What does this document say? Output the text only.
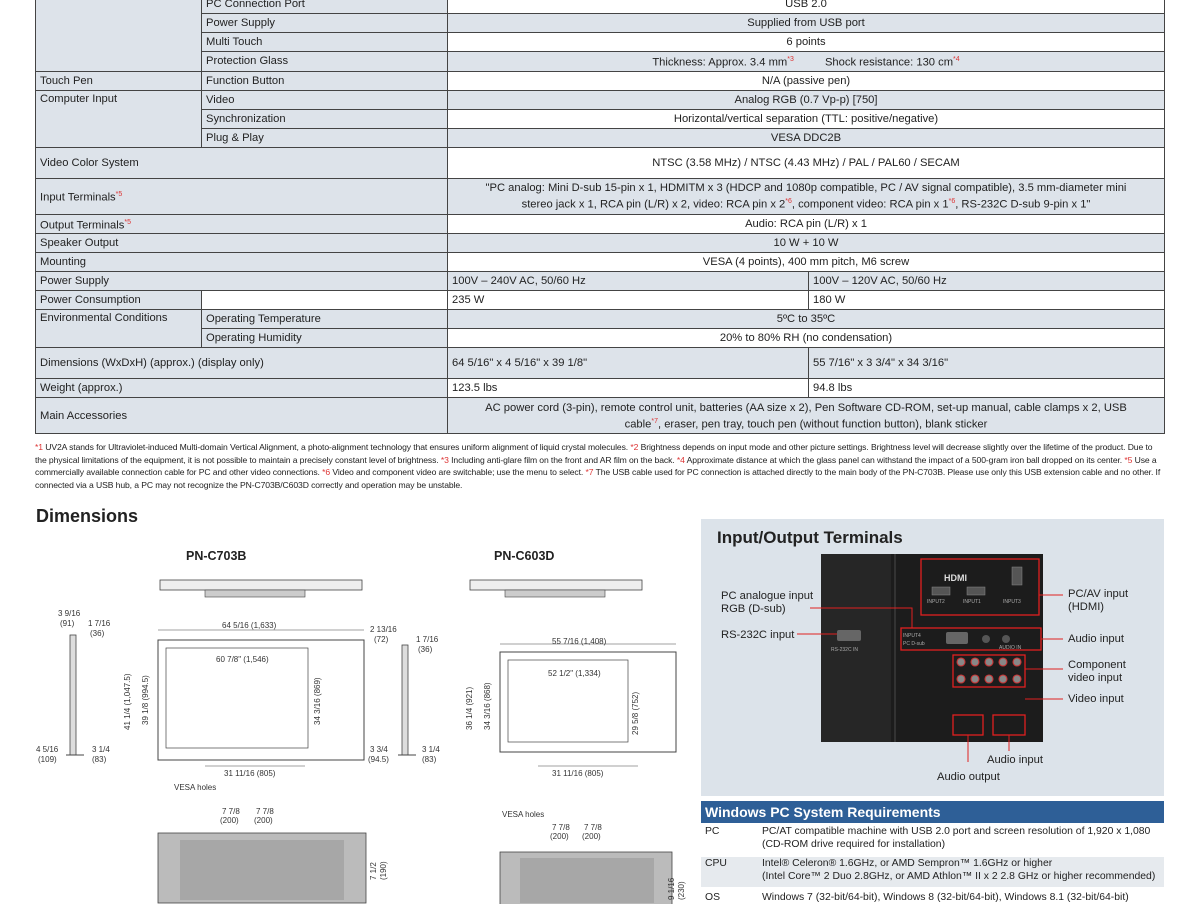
	PC Connection Port	USB 2.0	
	Power Supply	Supplied from USB port	
	Multi Touch	6 points	
	Protection Glass	Thickness: Approx. 3.4 $mm^{*3}$ Shock resistance: 130 $cm^{*4}$
Touch Pen	Function Button	N/A (passive pen)	
Computer Input	Video	Analog RGB (0.7 Vp-p) [750]	
	Synchronization	Horizontal/vertical separation (TTL: positive/negative)	
	Plug & Play	VESA DDC2B	
Video Color System		NTSC (3.58 MHz) / NTSC (4.43 MHz) / PAL / PAL60 / SECAM	
Input Terminals$^{*5}$		"PC analog: Mini D-sub 15-pin x 1, HDMITM x 3 (HDCP and 1080p compatible, PC / AV signal compatible), 3.5 mm-diameter mini
stereo jack x 1, RCA pin (L/R) x 2, video: RCA pin x 2$^{*6}$, component video: RCA pin x 1$^{*6}$, RS-232C D-sub 9-pin x 1"	
Output Terminals$^{*5}$		Audio: RCA pin (L/R) x 1	
Speaker Output		10 W + 10 W	
Mounting		VESA (4 points), 400 mm pitch, M6 screw	
Power Supply		100V – 240V AC, 50/60 Hz	100V – 120V AC, 50/60 Hz
Power Consumption		235 W	180 W
Environmental Conditions	Operating Temperature	5ºC to 35ºC	
	Operating Humidity	20% to 80% RH (no condensation)	
Dimensions (WxDxH) (approx.) (display only)		64 5/16" x 4 5/16" x 39 1/8"	55 7/16" x 3 3/4" x 34 3/16"
Weight (approx.)		123.5 lbs	94.8 lbs
Main Accessories		AC power cord (3-pin), remote control unit, batteries (AA size x 2), Pen Software CD-ROM, set-up manual, cable clamps x 2, USB
cable$^{*7}$, eraser, pen tray, touch pen (without function button), blank sticker	
*1 UV2A stands for Ultraviolet-induced Multi-domain Vertical Alignment, a photo-alignment technology that ensures uniform alignment of liquid crystal molecules. *2 Brightness depends on input mode and other picture settings. Brightness level will decrease slightly over the lifetime of the product. Due to the physical limitations of the equipment, it is not possible to maintain a precisely constant level of brightness. *3 Including anti-glare film on the front and AR film on the back. *4 Approximate distance at which the glass panel can withstand the impact of a 500-gram iron ball dropped on its center. *5 Use a commercially available connection cable for PC and other video connections. *6 Video and component video are switchable; use the menu to select. *7 The USB cable used for PC connection is attached directly to the main body of the PN-C703B. Please use only this USB extension cable and no other. If connected via a USB hub, a PC may not recognize the PN-C703B/C603D correctly and operation may be unstable.
Dimensions
PN-C703B	PN-C603D
3 9/16
(91) 1 7/16
(36)
4 5/16
(109)
3 1/4
(83)
64 5/16 (1,633)
60 7/8" (1,546)
41 1/4 (1,047.5) 39 1/8 (994.5)	34 3/16 (869)
31 11/16 (805)
VESA holes
7 7/8
(200)
7 7/8
(200)
7 1/2 (190)
2 13/16
(72)	1 7/16
(36)
3 3/4
(94.5)
3 1/4
(83)
55 7/16 (1,408)
52 1/2" (1,334)
36 1/4 (921) 34 3/16 (868)	29 5/8 (752)
31 11/16 (805)
VESA holes
7 7/8
(200)
7 7/8
(200)
9 1/16 (230)
Input/Output Terminals
HDMI
INPUT2	INPUT1	INPUT3
INPUT4
PC D-sub
AUDIO IN
RS-232C IN
PC analogue input
RGB (D-sub)
RS-232C input
PC/AV input
(HDMI)
Audio input
Component
video input
Video input
Audio input
Audio output
Windows PC System Requirements
PC	PC/AT compatible machine with USB 2.0 port and screen resolution of 1,920 x 1,080
(CD-ROM drive required for installation)
CPU	Intel® Celeron® 1.6GHz, or AMD Sempron™ 1.6GHz or higher
(Intel Core™ 2 Duo 2.8GHz, or AMD Athlon™ II x 2 2.8 GHz or higher recommended)
OS	Windows 7 (32-bit/64-bit), Windows 8 (32-bit/64-bit), Windows 8.1 (32-bit/64-bit)
